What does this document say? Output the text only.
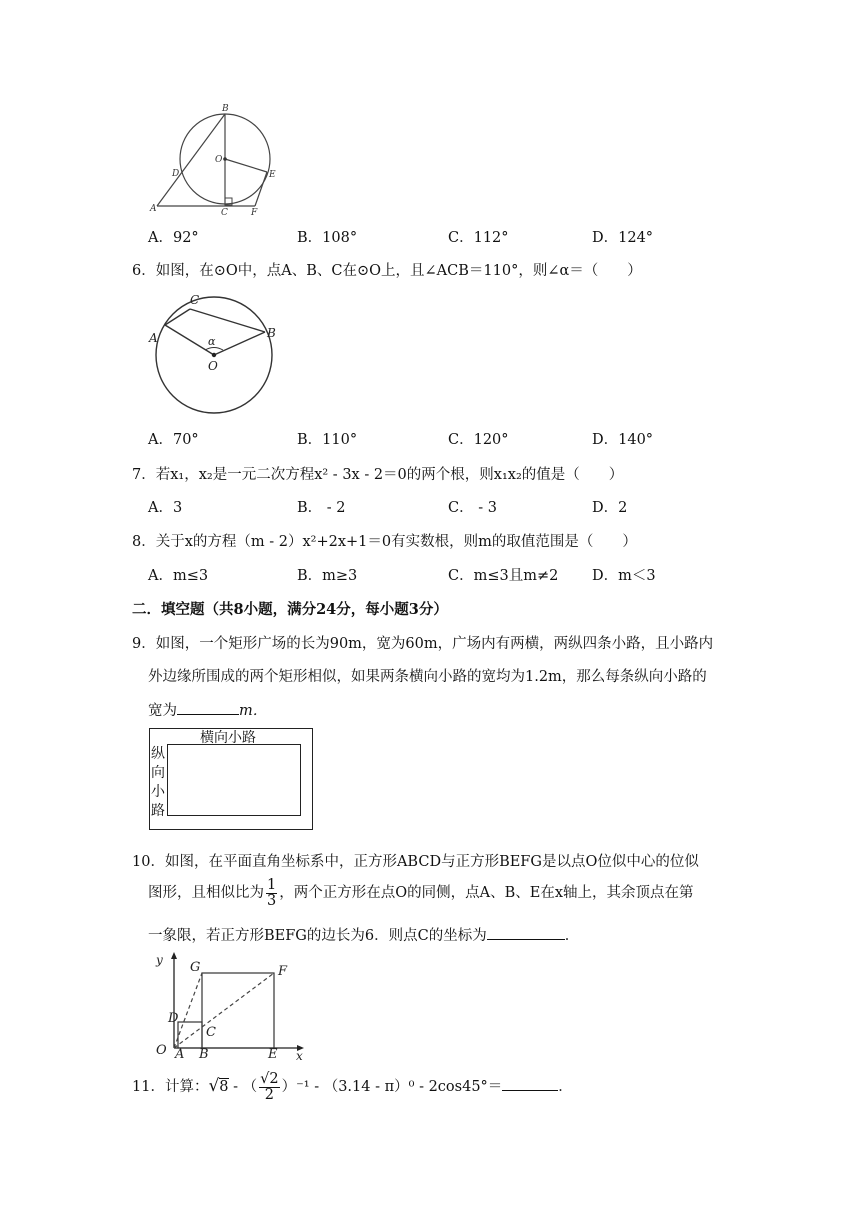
B
O
D	E
A	C	F
A．92°	B．108°	C．112°	D．124°
6．如图，在⊙O中，点A、B、C在⊙O上，且∠ACB＝110°，则∠α＝（　　）
C
A	B
α
O
A．70°	B．110°	C．120°	D．140°
7．若x₁，x₂是一元二次方程x² - 3x - 2＝0的两个根，则x₁x₂的值是（　　）
A．3	B． - 2	C． - 3	D．2
8．关于x的方程（m - 2）x²+2x+1＝0有实数根，则m的取值范围是（　　）
A．m≤3	B．m≥3	C．m≤3且m≠2 D．m＜3
二．填空题（共8小题，满分24分，每小题3分）
9．如图，一个矩形广场的长为90m，宽为60m，广场内有两横，两纵四条小路，且小路内
外边缘所围成的两个矩形相似，如果两条横向小路的宽均为1.2m，那么每条纵向小路的
宽为	m．
横向小路
纵
向
小
路
10．如图，在平面直角坐标系中，正方形ABCD与正方形BEFG是以点O位似中心的位似
图形，且相似比为 $\frac{1}{3}$ ，两个正方形在点O的同侧，点A、B、E在x轴上，其余顶点在第
一象限，若正方形BEFG的边长为6．则点C的坐标为	．
y G	F
D
C
O A B	E x
11．计算：√8 - （ $\frac{√2}{2} )^{-1} - (3.14 - \pi)^0 - 2\cos 45^\circ=$	．
